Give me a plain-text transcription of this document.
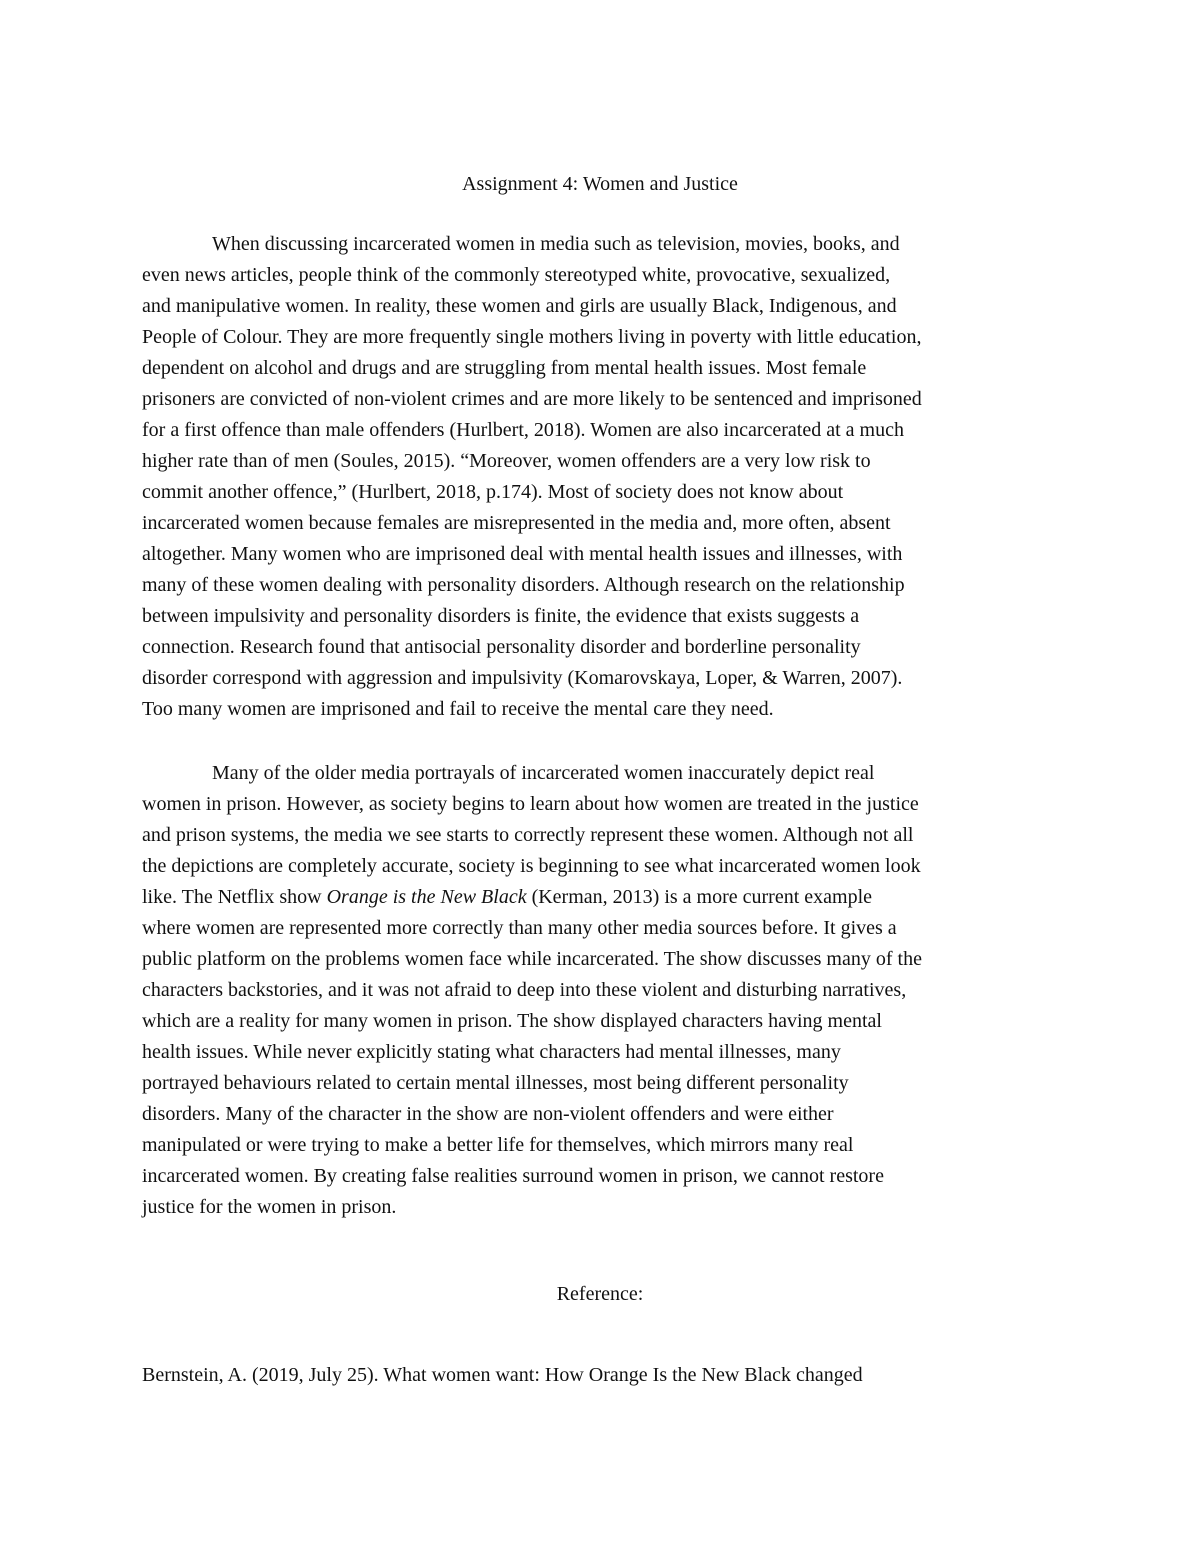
Assignment 4: Women and Justice
When discussing incarcerated women in media such as television, movies, books, and
even news articles, people think of the commonly stereotyped white, provocative, sexualized,
and manipulative women. In reality, these women and girls are usually Black, Indigenous, and
People of Colour. They are more frequently single mothers living in poverty with little education,
dependent on alcohol and drugs and are struggling from mental health issues. Most female
prisoners are convicted of non-violent crimes and are more likely to be sentenced and imprisoned
for a first offence than male offenders (Hurlbert, 2018). Women are also incarcerated at a much
higher rate than of men (Soules, 2015). “Moreover, women offenders are a very low risk to
commit another offence,” (Hurlbert, 2018, p.174). Most of society does not know about
incarcerated women because females are misrepresented in the media and, more often, absent
altogether. Many women who are imprisoned deal with mental health issues and illnesses, with
many of these women dealing with personality disorders. Although research on the relationship
between impulsivity and personality disorders is finite, the evidence that exists suggests a
connection. Research found that antisocial personality disorder and borderline personality
disorder correspond with aggression and impulsivity (Komarovskaya, Loper, & Warren, 2007).
Too many women are imprisoned and fail to receive the mental care they need.
Many of the older media portrayals of incarcerated women inaccurately depict real
women in prison. However, as society begins to learn about how women are treated in the justice
and prison systems, the media we see starts to correctly represent these women. Although not all
the depictions are completely accurate, society is beginning to see what incarcerated women look
like. The Netflix show Orange is the New Black (Kerman, 2013) is a more current example
where women are represented more correctly than many other media sources before. It gives a
public platform on the problems women face while incarcerated. The show discusses many of the
characters backstories, and it was not afraid to deep into these violent and disturbing narratives,
which are a reality for many women in prison. The show displayed characters having mental
health issues. While never explicitly stating what characters had mental illnesses, many
portrayed behaviours related to certain mental illnesses, most being different personality
disorders. Many of the character in the show are non-violent offenders and were either
manipulated or were trying to make a better life for themselves, which mirrors many real
incarcerated women. By creating false realities surround women in prison, we cannot restore
justice for the women in prison.
Reference:
Bernstein, A. (2019, July 25). What women want: How Orange Is the New Black changed
